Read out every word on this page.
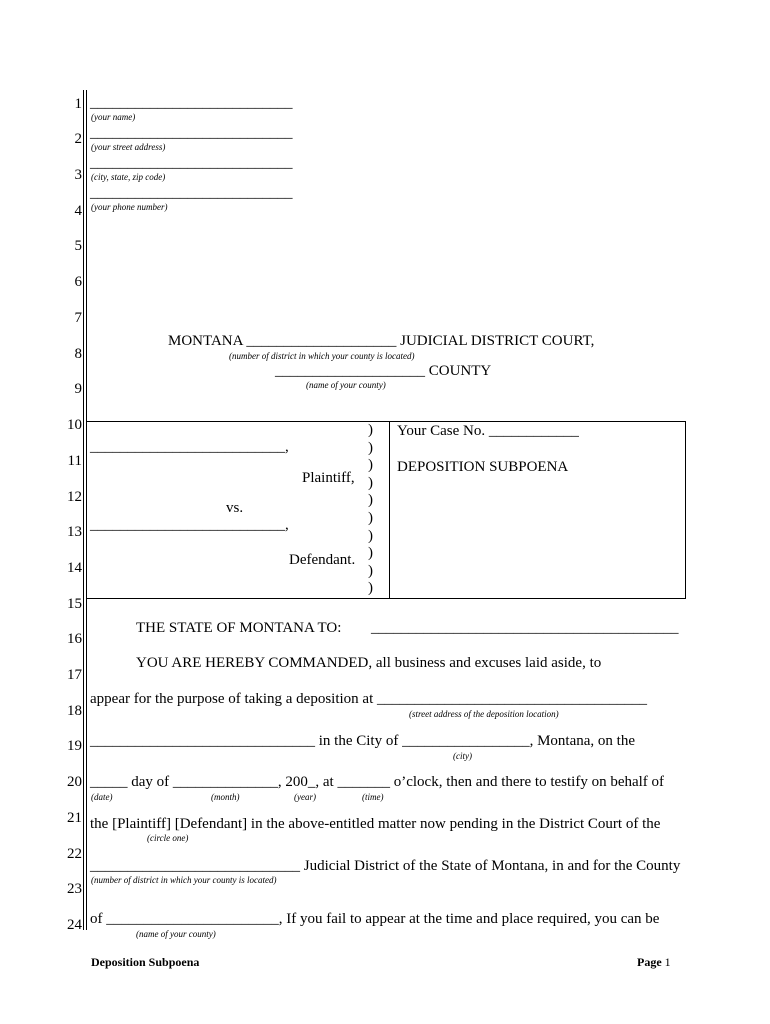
1
2
3
4
5
6
7
8
9
10
11
12
13
14
15
16
17
18
19
20
21
22
23
24
___________________________
(your name)
___________________________
(your street address)
___________________________
(city, state, zip code)
___________________________
(your phone number)
MONTANA ____________________ JUDICIAL DISTRICT COURT,
(number of district in which your county is located)
____________________ COUNTY
(name of your county)
__________________________,
Plaintiff,
vs.
__________________________,
Defendant.
)
)
)
)
)
)
)
)
)
)
Your Case No. ____________
DEPOSITION SUBPOENA
THE STATE OF MONTANA TO: _________________________________________
YOU ARE HEREBY COMMANDED, all business and excuses laid aside, to
appear for the purpose of taking a deposition at ____________________________________
(street address of the deposition location)
______________________________ in the City of _________________, Montana, on the
(city)
_____ day of ______________, 200_, at _______ o’clock, then and there to testify on behalf of
(date)	(month)	(year)	(time)
the [Plaintiff] [Defendant] in the above-entitled matter now pending in the District Court of the
(circle one)
____________________________ Judicial District of the State of Montana, in and for the County
(number of district in which your county is located)
of _______________________, If you fail to appear at the time and place required, you can be
(name of your county)
Deposition Subpoena	Page 1
